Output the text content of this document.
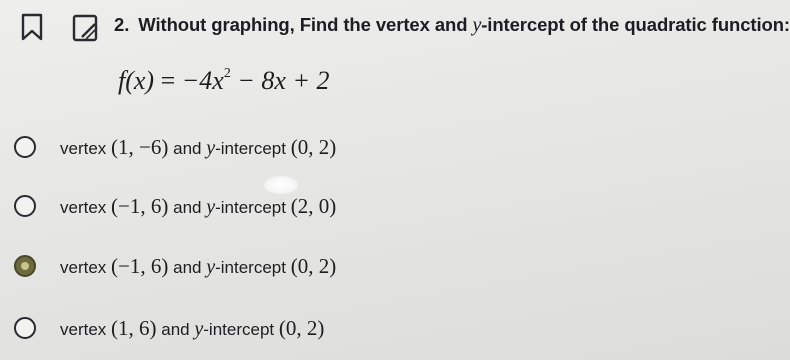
2. Without graphing, Find the vertex and y-intercept of the quadratic function:
$f(x) = -4x^2 - 8x + 2$
vertex (1, −6) and y-intercept (0, 2)
vertex (−1, 6) and y-intercept (2, 0)
vertex (−1, 6) and y-intercept (0, 2)
vertex (1, 6) and y-intercept (0, 2)
